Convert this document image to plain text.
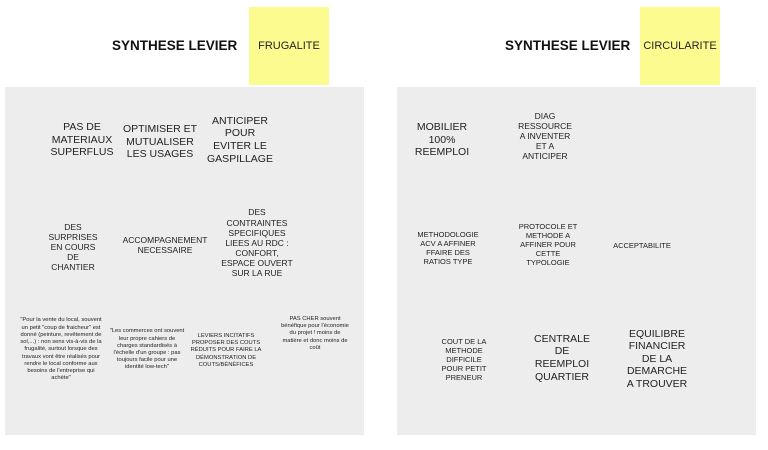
SYNTHESE LEVIER	FRUGALITE
PAS DE
MATERIAUX
SUPERFLUS
OPTIMISER ET
MUTUALISER
LES USAGES
ANTICIPER
POUR
EVITER LE
GASPILLAGE
DES
SURPRISES
EN COURS
DE
CHANTIER
ACCOMPAGNEMENT
NECESSAIRE
DES
CONTRAINTES
SPECIFIQUES
LIEES AU RDC :
CONFORT,
ESPACE OUVERT
SUR LA RUE
"Pour la vente du local, souvent un petit "coup de fraicheur" est donné (peinture, revêtement de sol,...) : non sens vis-à-vis de la frugalité, surtout lorsque des travaux vont être réalisés pour rendre le local conforme aux besoins de l'entreprise qui achète"
"Les commerces ont souvent leur propre cahiers de charges standardisés à l'échelle d'un groupe : pas toujours facile pour une identité low-tech"
LEVIERS INCITATIFS
PROPOSER DES COUTS RÉDUITS POUR FAIRE LA DÉMONSTRATION DE COUTS/BÉNÉFICES
PAS CHER souvent bénéfique pour l'économie du projet ! moins de matière et donc moins de coût
SYNTHESE LEVIER	CIRCULARITE
MOBILIER
100%
REEMPLOI
DIAG
RESSOURCE
A INVENTER
ET A
ANTICIPER
METHODOLOGIE
ACV A AFFINER
FFAIRE DES
RATIOS TYPE
PROTOCOLE ET
METHODE A
AFFINER POUR
CETTE
TYPOLOGIE
ACCEPTABILITE
COUT DE LA
METHODE
DIFFICILE
POUR PETIT
PRENEUR
CENTRALE
DE
REEMPLOI
QUARTIER
EQUILIBRE
FINANCIER
DE LA
DEMARCHE
A TROUVER
